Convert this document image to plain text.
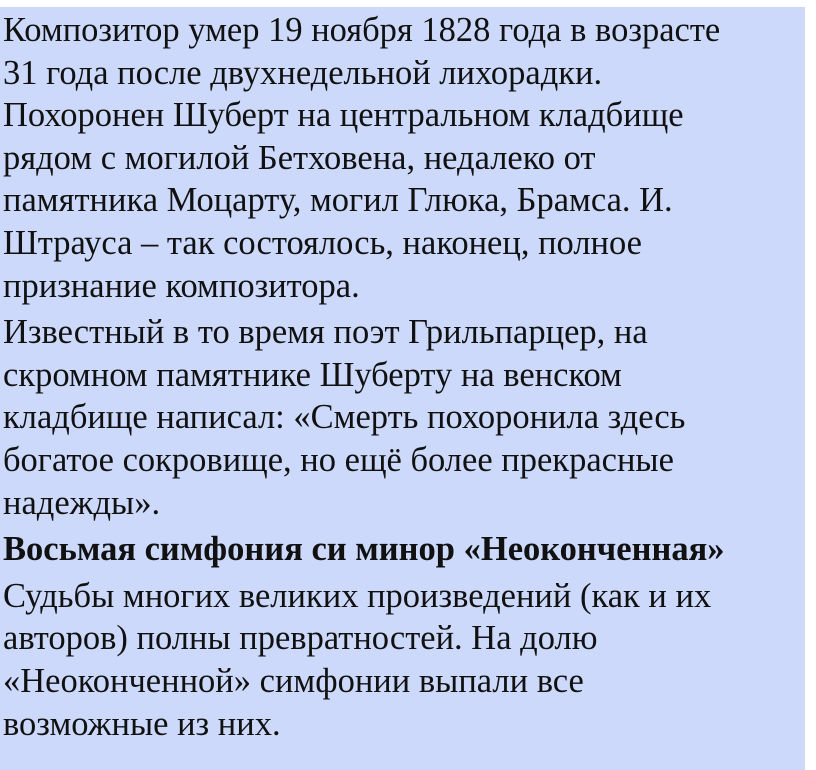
Композитор умер 19 ноября 1828 года в возрасте
31 года после двухнедельной лихорадки.
Похоронен Шуберт на центральном кладбище
рядом с могилой Бетховена, недалеко от
памятника Моцарту, могил Глюка, Брамса. И.
Штрауса – так состоялось, наконец, полное
признание композитора.

Известный в то время поэт Грильпарцер, на
скромном памятнике Шуберту на венском
кладбище написал: «Смерть похоронила здесь
богатое сокровище, но ещё более прекрасные
надежды».

Восьмая симфония си минор «Неоконченная»

Судьбы многих великих произведений (как и их
авторов) полны превратностей. На долю
«Неоконченной» симфонии выпали все
возможные из них.
